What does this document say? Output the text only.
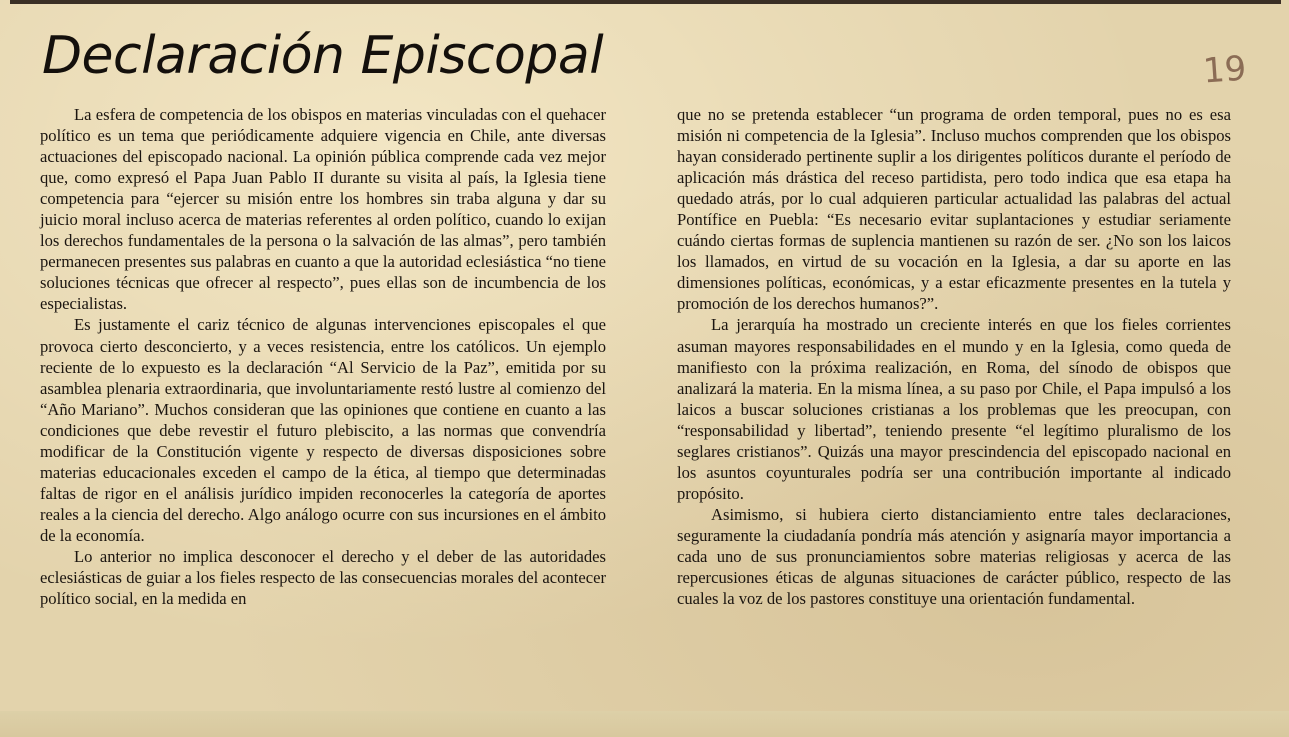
Declaración Episcopal	19

La esfera de competencia de los obispos en materias vinculadas con el quehacer político es un tema que periódicamente adquiere vigencia en Chile, ante diversas actuaciones del episcopado nacional. La opinión pública comprende cada vez mejor que, como expresó el Papa Juan Pablo II durante su visita al país, la Iglesia tiene competencia para “ejercer su misión entre los hombres sin traba alguna y dar su juicio moral incluso acerca de materias referentes al orden político, cuando lo exijan los derechos fundamentales de la persona o la salvación de las almas”, pero también permanecen presentes sus palabras en cuanto a que la autoridad eclesiástica “no tiene soluciones técnicas que ofrecer al respecto”, pues ellas son de incumbencia de los especialistas.

Es justamente el cariz técnico de algunas intervenciones episcopales el que provoca cierto desconcierto, y a veces resistencia, entre los católicos. Un ejemplo reciente de lo expuesto es la declaración “Al Servicio de la Paz”, emitida por su asamblea plenaria extraordinaria, que involuntariamente restó lustre al comienzo del “Año Mariano”. Muchos consideran que las opiniones que contiene en cuanto a las condiciones que debe revestir el futuro plebiscito, a las normas que convendría modificar de la Constitución vigente y respecto de diversas disposiciones sobre materias educacionales exceden el campo de la ética, al tiempo que determinadas faltas de rigor en el análisis jurídico impiden reconocerles la categoría de aportes reales a la ciencia del derecho. Algo análogo ocurre con sus incursiones en el ámbito de la economía.

Lo anterior no implica desconocer el derecho y el deber de las autoridades eclesiásticas de guiar a los fieles respecto de las consecuencias morales del acontecer político social, en la medida en

que no se pretenda establecer “un programa de orden temporal, pues no es esa misión ni competencia de la Iglesia”. Incluso muchos comprenden que los obispos hayan considerado pertinente suplir a los dirigentes políticos durante el período de aplicación más drástica del receso partidista, pero todo indica que esa etapa ha quedado atrás, por lo cual adquieren particular actualidad las palabras del actual Pontífice en Puebla: “Es necesario evitar suplantaciones y estudiar seriamente cuándo ciertas formas de suplencia mantienen su razón de ser. ¿No son los laicos los llamados, en virtud de su vocación en la Iglesia, a dar su aporte en las dimensiones políticas, económicas, y a estar eficazmente presentes en la tutela y promoción de los derechos humanos?”.

La jerarquía ha mostrado un creciente interés en que los fieles corrientes asuman mayores responsabilidades en el mundo y en la Iglesia, como queda de manifiesto con la próxima realización, en Roma, del sínodo de obispos que analizará la materia. En la misma línea, a su paso por Chile, el Papa impulsó a los laicos a buscar soluciones cristianas a los problemas que les preocupan, con “responsabilidad y libertad”, teniendo presente “el legítimo pluralismo de los seglares cristianos”. Quizás una mayor prescindencia del episcopado nacional en los asuntos coyunturales podría ser una contribución importante al indicado propósito.

Asimismo, si hubiera cierto distanciamiento entre tales declaraciones, seguramente la ciudadanía pondría más atención y asignaría mayor importancia a cada uno de sus pronunciamientos sobre materias religiosas y acerca de las repercusiones éticas de algunas situaciones de carácter público, respecto de las cuales la voz de los pastores constituye una orientación fundamental.
